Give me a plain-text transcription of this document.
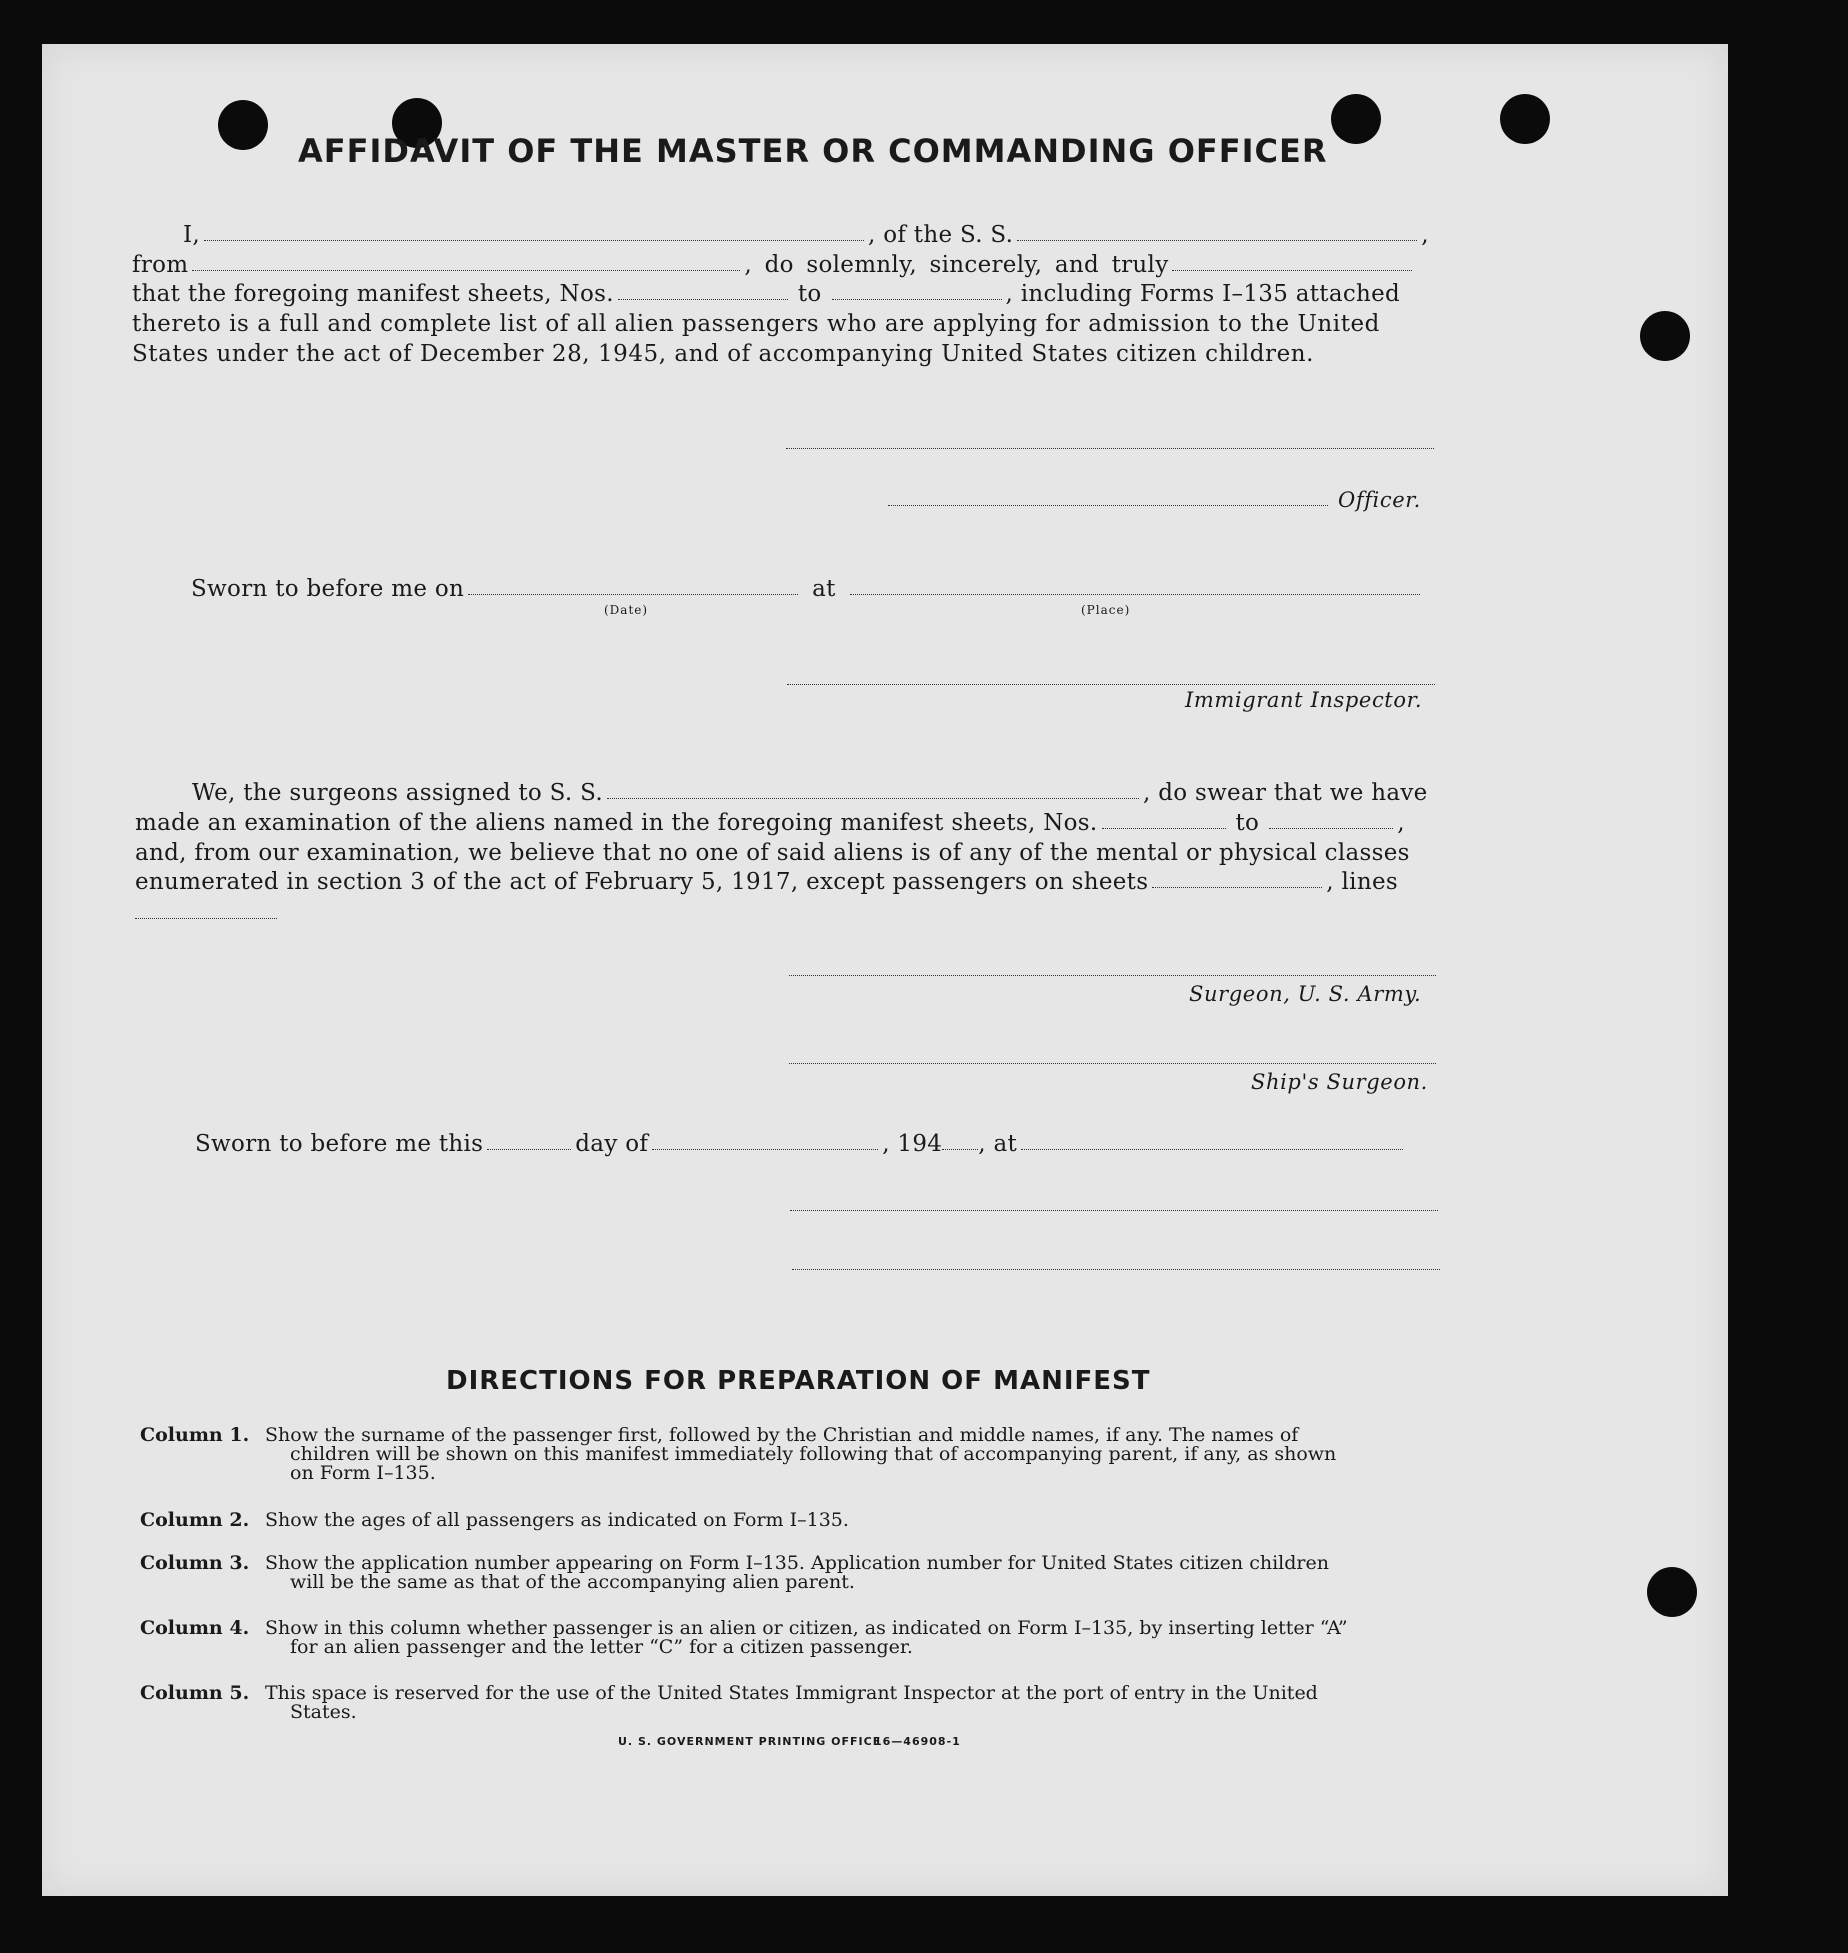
AFFIDAVIT OF THE MASTER OR COMMANDING OFFICER
I,	, of the S. S.	,
from	, do solemnly, sincerely, and truly
that the foregoing manifest sheets, Nos.	to	, including Forms I–135 attached
thereto is a full and complete list of all alien passengers who are applying for admission to the United
States under the act of December 28, 1945, and of accompanying United States citizen children.
Officer.
Sworn to before me on	at
(Date)	(Place)
Immigrant Inspector.
We, the surgeons assigned to S. S.	, do swear that we have
made an examination of the aliens named in the foregoing manifest sheets, Nos.	to	,
and, from our examination, we believe that no one of said aliens is of any of the mental or physical classes
enumerated in section 3 of the act of February 5, 1917, except passengers on sheets	, lines
Surgeon, U. S. Army.
Ship's Surgeon.
Sworn to before me this	day of	, 194 , at
DIRECTIONS FOR PREPARATION OF MANIFEST
Column 1. Show the surname of the passenger first, followed by the Christian and middle names, if any. The names of
children will be shown on this manifest immediately following that of accompanying parent, if any, as shown
on Form I–135.
Column 2. Show the ages of all passengers as indicated on Form I–135.
Column 3. Show the application number appearing on Form I–135. Application number for United States citizen children
will be the same as that of the accompanying alien parent.
Column 4. Show in this column whether passenger is an alien or citizen, as indicated on Form I–135, by inserting letter “A”
for an alien passenger and the letter “C” for a citizen passenger.
Column 5. This space is reserved for the use of the United States Immigrant Inspector at the port of entry in the United
States.
U. S. GOVERNMENT PRINTING OFFICE
16—46908-1
